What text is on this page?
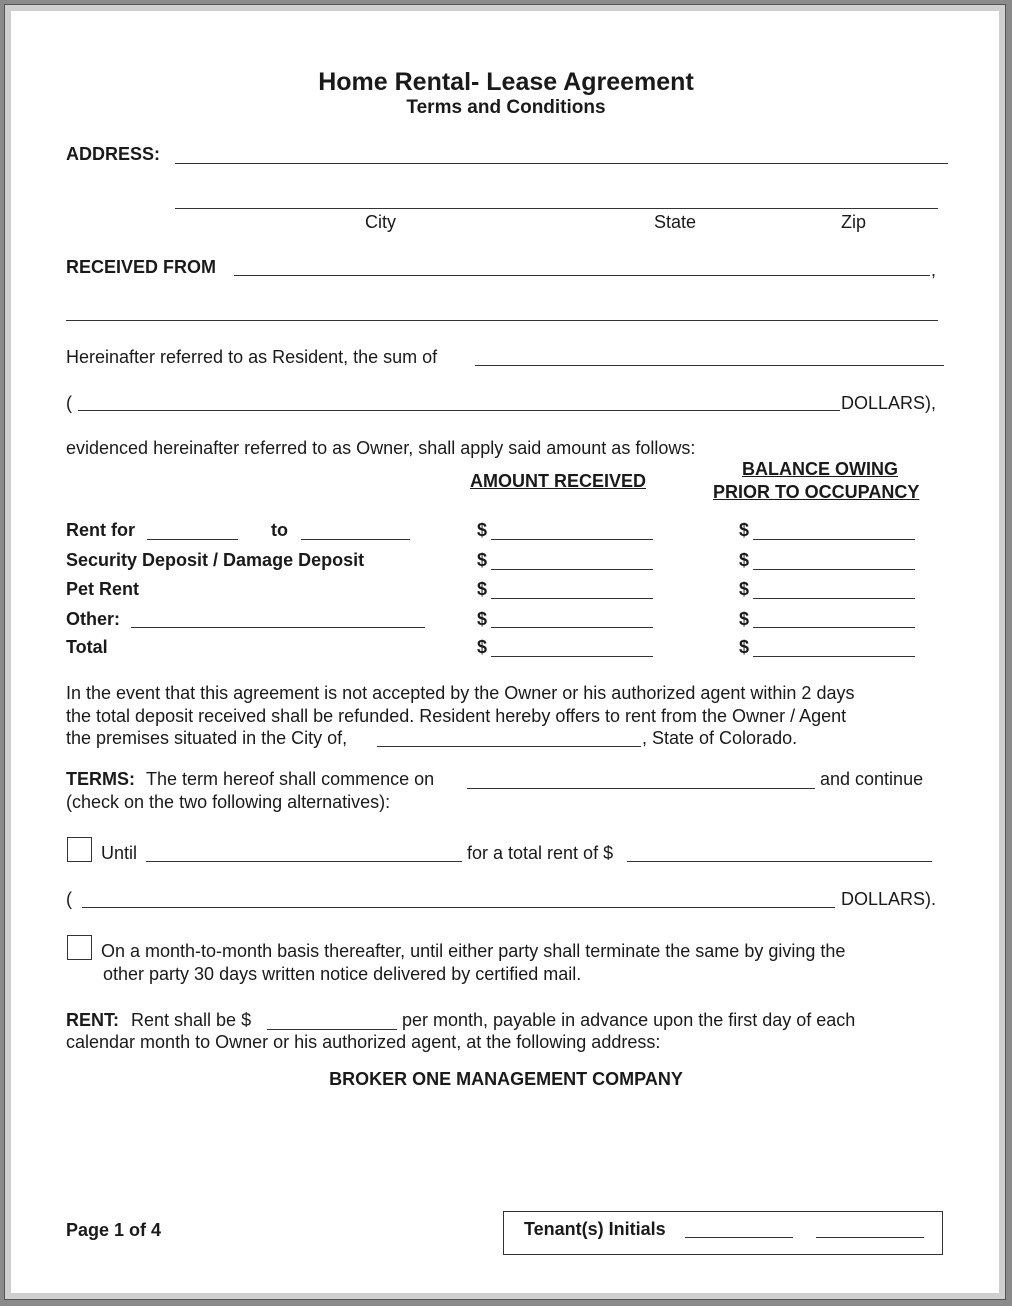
Home Rental- Lease Agreement
Terms and Conditions
ADDRESS:
City	State	Zip
RECEIVED FROM	,
Hereinafter referred to as Resident, the sum of
(	DOLLARS),
evidenced hereinafter referred to as Owner, shall apply said amount as follows:
AMOUNT RECEIVED
BALANCE OWING
PRIOR TO OCCUPANCY
Rent for	to	$	$
Security Deposit / Damage Deposit	$	$
Pet Rent	$	$
Other:	$	$
Total	$	$
In the event that this agreement is not accepted by the Owner or his authorized agent within 2 days
the total deposit received shall be refunded. Resident hereby offers to rent from the Owner / Agent
the premises situated in the City of,	, State of Colorado.
TERMS: The term hereof shall commence on	and continue
(check on the two following alternatives):
Until	for a total rent of $
(	DOLLARS).
On a month-to-month basis thereafter, until either party shall terminate the same by giving the
other party 30 days written notice delivered by certified mail.
RENT: Rent shall be $	per month, payable in advance upon the first day of each
calendar month to Owner or his authorized agent, at the following address:
BROKER ONE MANAGEMENT COMPANY
Page 1 of 4	Tenant(s) Initials
